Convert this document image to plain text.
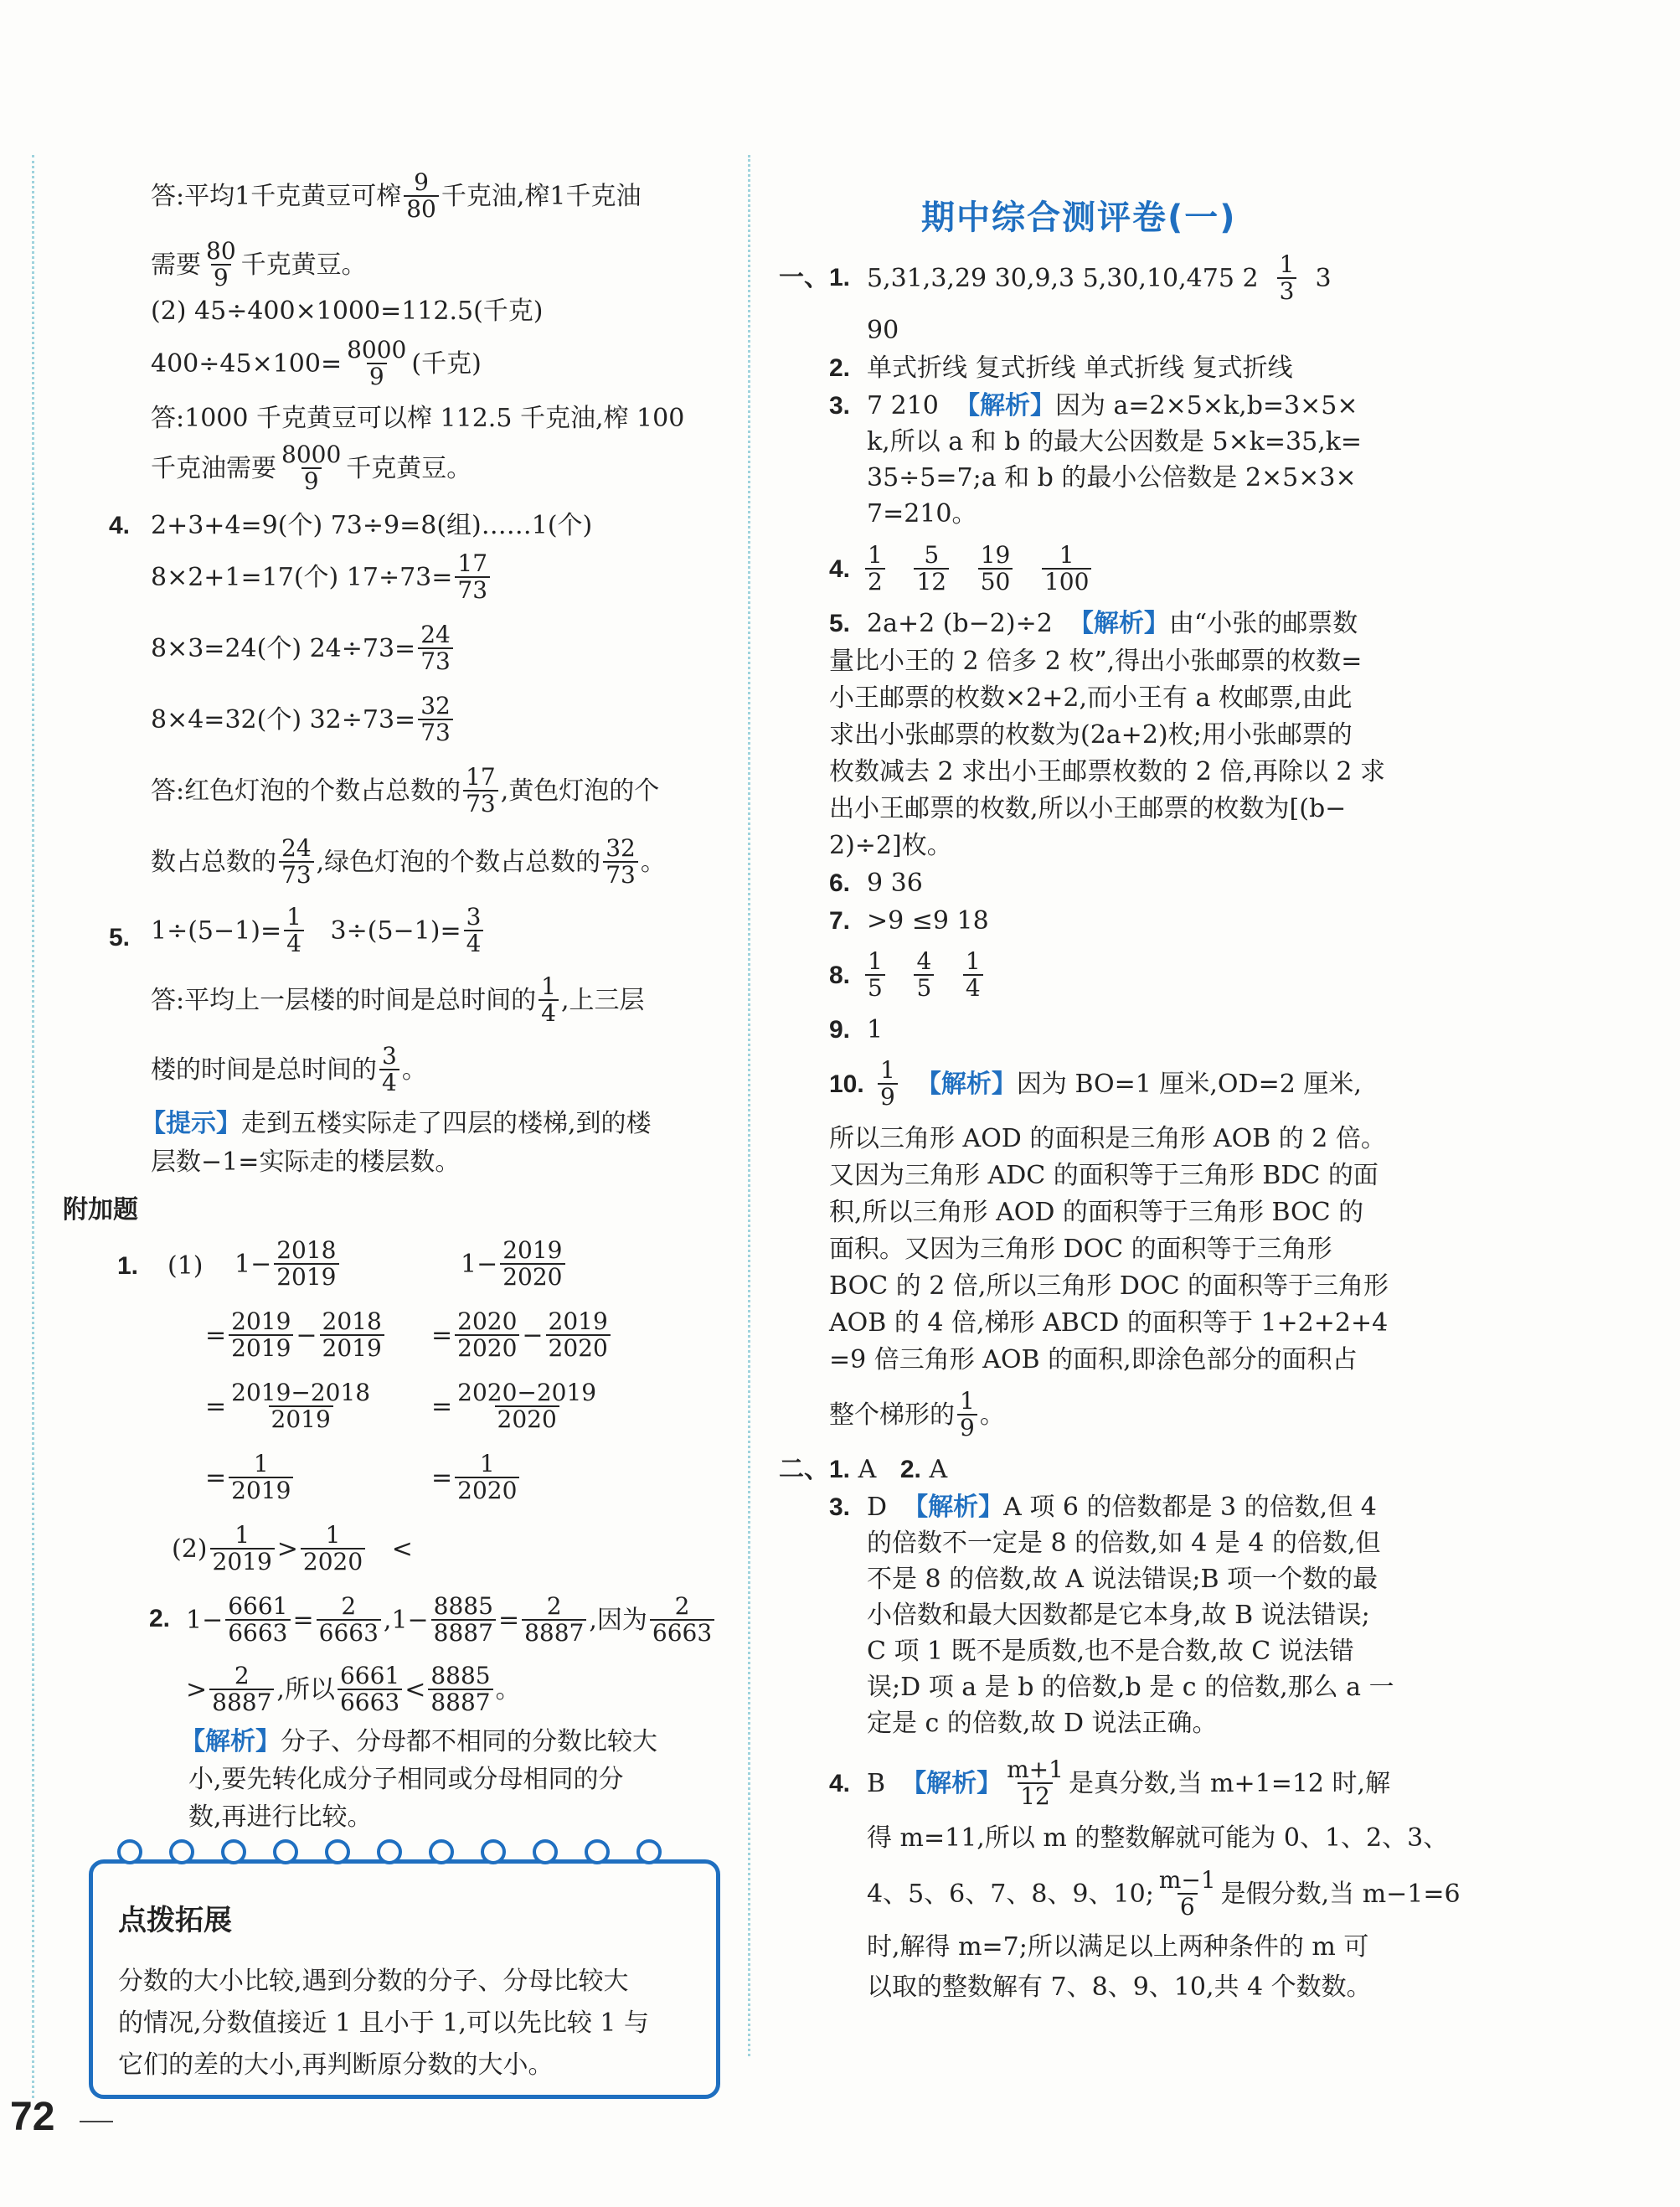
答:平均1千克黄豆可榨 $\frac{9}{80}$ 千克油,榨1千克油
需要 $\frac{80}{9}$ 千克黄豆。
(2) 45÷400×1000=112.5(千克)
$400\div 45\times 100= \frac{8000}{9}$ (千克)
答:1000 千克黄豆可以榨 112.5 千克油,榨 100
千克油需要 $\frac{8000}{9}$ 千克黄豆。
4. 2+3+4=9(个) 73÷9=8(组)……1(个)
8×2+1=17(个) $17\div 73= \frac{17}{73}$
8×3=24(个) $24\div 73= \frac{24}{73}$
8×4=32(个) $32\div 73= \frac{32}{73}$
答:红色灯泡的个数占总数的 $\frac{17}{73}$ ,黄色灯泡的个
数占总数的 $\frac{24}{73}$ ,绿色灯泡的个数占总数的 $\frac{32}{73}$ 。
5. $1\div(5-1)= \frac{1}{4} 3\div(5-1)= \frac{3}{4}$
答:平均上一层楼的时间是总时间的 $\frac{1}{4}$ ,上三层
楼的时间是总时间的 $\frac{3}{4}$ 。
【提示】走到五楼实际走了四层的楼梯,到的楼
层数−1=实际走的楼层数。
附加题
1. (1) $1- \frac{2018}{2019}$	$1- \frac{2019}{2020}$
= $\frac{2019}{2019} - \frac{2018}{2019} = \frac{2020}{2020} - \frac{2019}{2020}$
= $\frac{2019-2018}{2019} = \frac{2020-2019}{2020}$
= $\frac{1}{2019}$	= $\frac{1}{2020}$
$(2) \frac{1}{2019} > \frac{1}{2020}$ <
2. $1- \frac{6661}{6663} = \frac{2}{6663} ,1- \frac{8885}{8887} = \frac{2}{8887}$ ,因为 $\frac{2}{6663}$
> $\frac{2}{8887}$ ,所以 $\frac{6661}{6663} < \frac{8885}{8887}$ 。
【解析】分子、分母都不相同的分数比较大
小,要先转化成分子相同或分母相同的分
数,再进行比较。
点拨拓展
分数的大小比较,遇到分数的分子、分母比较大
的情况,分数值接近 1 且小于 1,可以先比较 1 与
它们的差的大小,再判断原分数的大小。
72
期中综合测评卷(一)
一、 1. 5,31,3,29 30,9,3 5,30,10,475 $2 \frac{1}{3} 3$
90
2. 单式折线 复式折线 单式折线 复式折线
3. 7 210 【解析】因为 a=2×5×k,b=3×5×
k,所以 a 和 b 的最大公因数是 5×k=35,k=
35÷5=7;a 和 b 的最小公倍数是 2×5×3×
7=210。
4. $\frac{1}{2}$
$\frac{5}{12}$
$\frac{19}{50}$
$\frac{1}{100}$
5. 2a+2 (b−2)÷2 【解析】由“小张的邮票数
量比小王的 2 倍多 2 枚”,得出小张邮票的枚数=
小王邮票的枚数×2+2,而小王有 a 枚邮票,由此
求出小张邮票的枚数为(2a+2)枚;用小张邮票的
枚数减去 2 求出小王邮票枚数的 2 倍,再除以 2 求
出小王邮票的枚数,所以小王邮票的枚数为[(b−
2)÷2]枚。
6. 9 36
7. >9 ≤9 18
8. $\frac{1}{5}$
$\frac{4}{5}$
$\frac{1}{4}$
9. 1
10. $\frac{1}{9}$ 【解析】因为 BO=1 厘米,OD=2 厘米,
所以三角形 AOD 的面积是三角形 AOB 的 2 倍。
又因为三角形 ADC 的面积等于三角形 BDC 的面
积,所以三角形 AOD 的面积等于三角形 BOC 的
面积。又因为三角形 DOC 的面积等于三角形
BOC 的 2 倍,所以三角形 DOC 的面积等于三角形
AOB 的 4 倍,梯形 ABCD 的面积等于 1+2+2+4
=9 倍三角形 AOB 的面积,即涂色部分的面积占
整个梯形的 $\frac{1}{9}$ 。
二、 1. A 2. A
3. D 【解析】A 项 6 的倍数都是 3 的倍数,但 4
的倍数不一定是 8 的倍数,如 4 是 4 的倍数,但
不是 8 的倍数,故 A 说法错误;B 项一个数的最
小倍数和最大因数都是它本身,故 B 说法错误;
C 项 1 既不是质数,也不是合数,故 C 说法错
误;D 项 a 是 b 的倍数,b 是 c 的倍数,那么 a 一
定是 c 的倍数,故 D 说法正确。
4. B 【解析】 $\frac{m+1}{12}$ 是真分数,当 m+1=12 时,解
得 m=11,所以 m 的整数解就可能为 0、1、2、3、
4、5、6、7、8、9、10; $\frac{m-1}{6}$ 是假分数,当 m−1=6
时,解得 m=7;所以满足以上两种条件的 m 可
以取的整数解有 7、8、9、10,共 4 个数数。
